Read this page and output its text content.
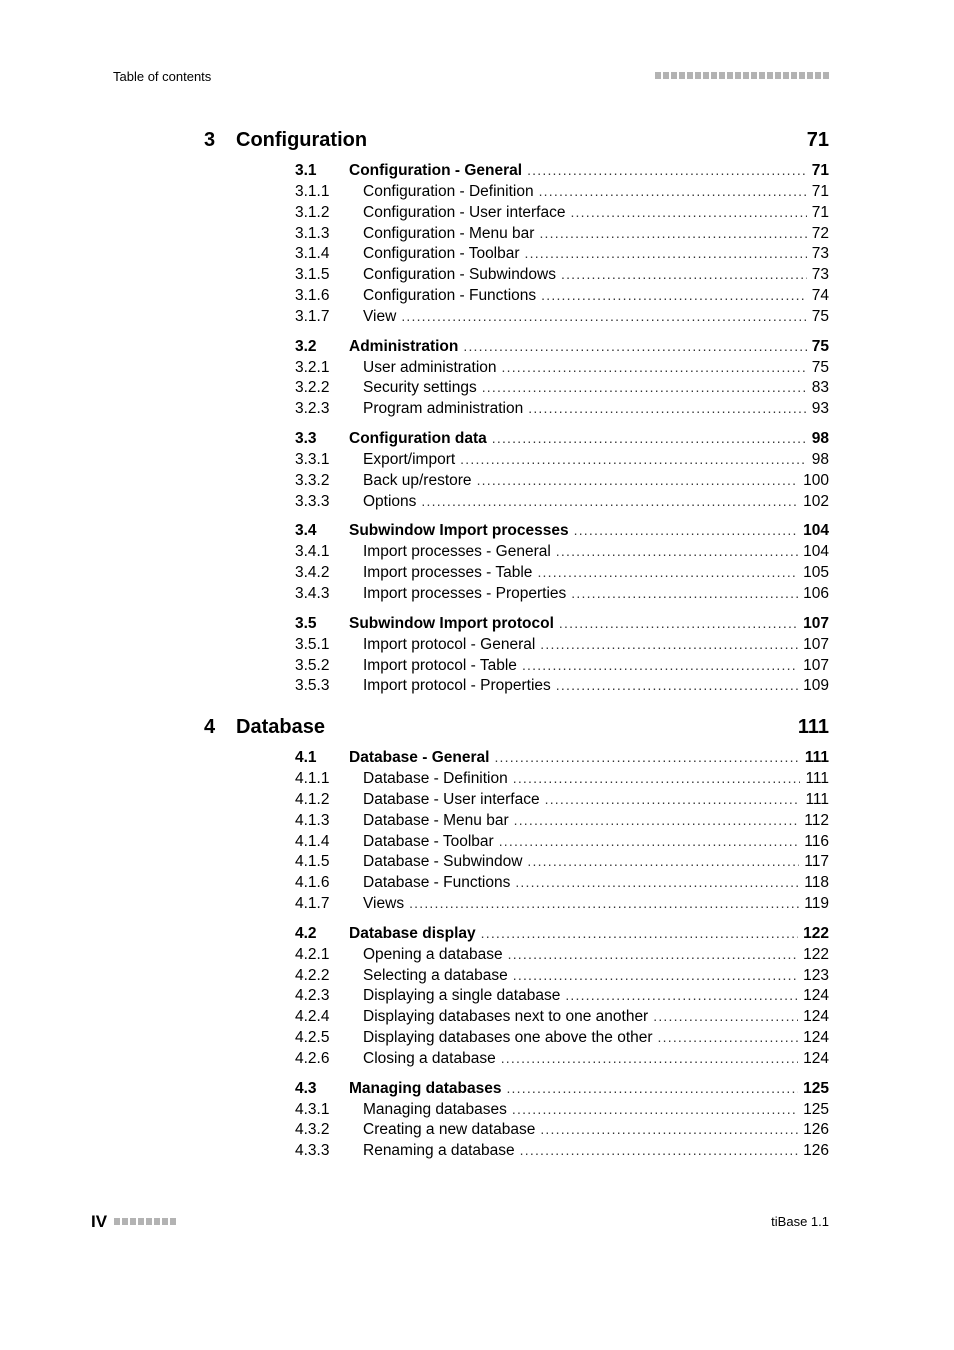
Table of contents
3	Configuration	71
3.1	Configuration - General .....	71
3.1.1	Configuration - Definition .....	71
3.1.2	Configuration - User interface .....	71
3.1.3	Configuration - Menu bar .....	72
3.1.4	Configuration - Toolbar .....	73
3.1.5	Configuration - Subwindows .....	73
3.1.6	Configuration - Functions .....	74
3.1.7	View .....	75
3.2	Administration .....	75
3.2.1	User administration .....	75
3.2.2	Security settings .....	83
3.2.3	Program administration .....	93
3.3	Configuration data .....	98
3.3.1	Export/import .....	98
3.3.2	Back up/restore .....	100
3.3.3	Options .....	102
3.4	Subwindow Import processes .....	104
3.4.1	Import processes - General .....	104
3.4.2	Import processes - Table .....	105
3.4.3	Import processes - Properties .....	106
3.5	Subwindow Import protocol .....	107
3.5.1	Import protocol - General .....	107
3.5.2	Import protocol - Table .....	107
3.5.3	Import protocol - Properties .....	109
4	Database	111
4.1	Database - General .....	111
4.1.1	Database - Definition .....	111
4.1.2	Database - User interface .....	111
4.1.3	Database - Menu bar .....	112
4.1.4	Database - Toolbar .....	116
4.1.5	Database - Subwindow .....	117
4.1.6	Database - Functions .....	118
4.1.7	Views .....	119
4.2	Database display .....	122
4.2.1	Opening a database .....	122
4.2.2	Selecting a database .....	123
4.2.3	Displaying a single database .....	124
4.2.4	Displaying databases next to one another .....	124
4.2.5	Displaying databases one above the other .....	124
4.2.6	Closing a database .....	124
4.3	Managing databases .....	125
4.3.1	Managing databases .....	125
4.3.2	Creating a new database .....	126
4.3.3	Renaming a database .....	126
IV	tiBase 1.1
